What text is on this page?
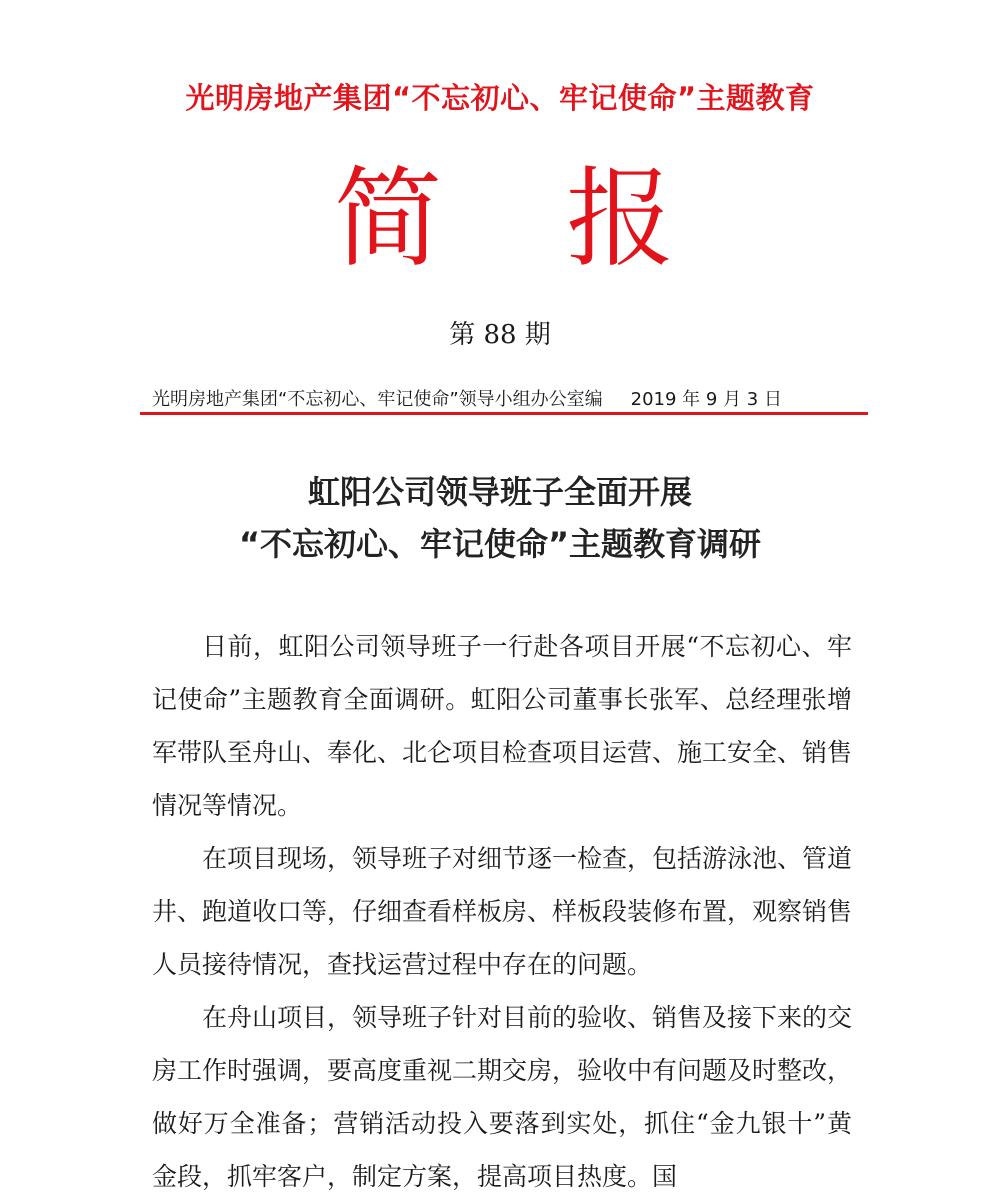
光明房地产集团“不忘初心、牢记使命”主题教育
简 报
第 88 期
光明房地产集团“不忘初心、牢记使命”领导小组办公室编 2019 年 9 月 3 日
虹阳公司领导班子全面开展
“不忘初心、牢记使命”主题教育调研

日前，虹阳公司领导班子一行赴各项目开展“不忘初心、牢记使命”主题教育全面调研。虹阳公司董事长张军、总经理张增军带队至舟山、奉化、北仑项目检查项目运营、施工安全、销售情况等情况。

在项目现场，领导班子对细节逐一检查，包括游泳池、管道井、跑道收口等，仔细查看样板房、样板段装修布置，观察销售人员接待情况，查找运营过程中存在的问题。

在舟山项目，领导班子针对目前的验收、销售及接下来的交房工作时强调，要高度重视二期交房，验收中有问题及时整改，做好万全准备；营销活动投入要落到实处，抓住“金九银十”黄金段，抓牢客户，制定方案，提高项目热度。国
